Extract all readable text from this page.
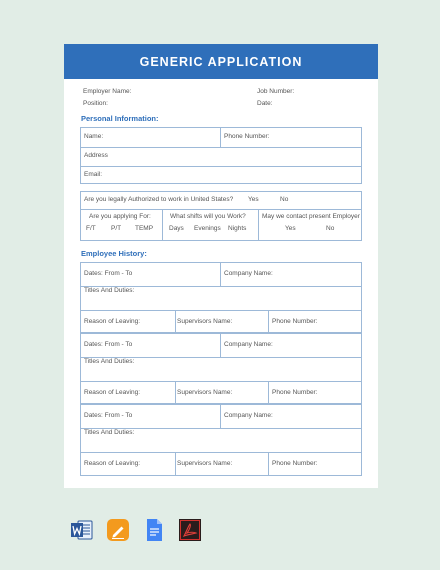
GENERIC APPLICATION
Employer Name:
Position:
Job Number:
Date:
Personal Information:
Name:	Phone Number:
Address
Email:
Are you legally Authorized to work in United States? Yes	No
Are you applying For:
F/T P/T TEMP
What shifts will you Work?
Days Evenings Nights
May we contact present Employer
Yes	No
Employee History:
Dates: From - To	Company Name:
Titles And Duties:
Reason of Leaving:	Supervisors Name:	Phone Number:
Dates: From - To	Company Name:
Titles And Duties:
Reason of Leaving:	Supervisors Name:	Phone Number:
Dates: From - To	Company Name:
Titles And Duties:
Reason of Leaving:	Supervisors Name:	Phone Number:
